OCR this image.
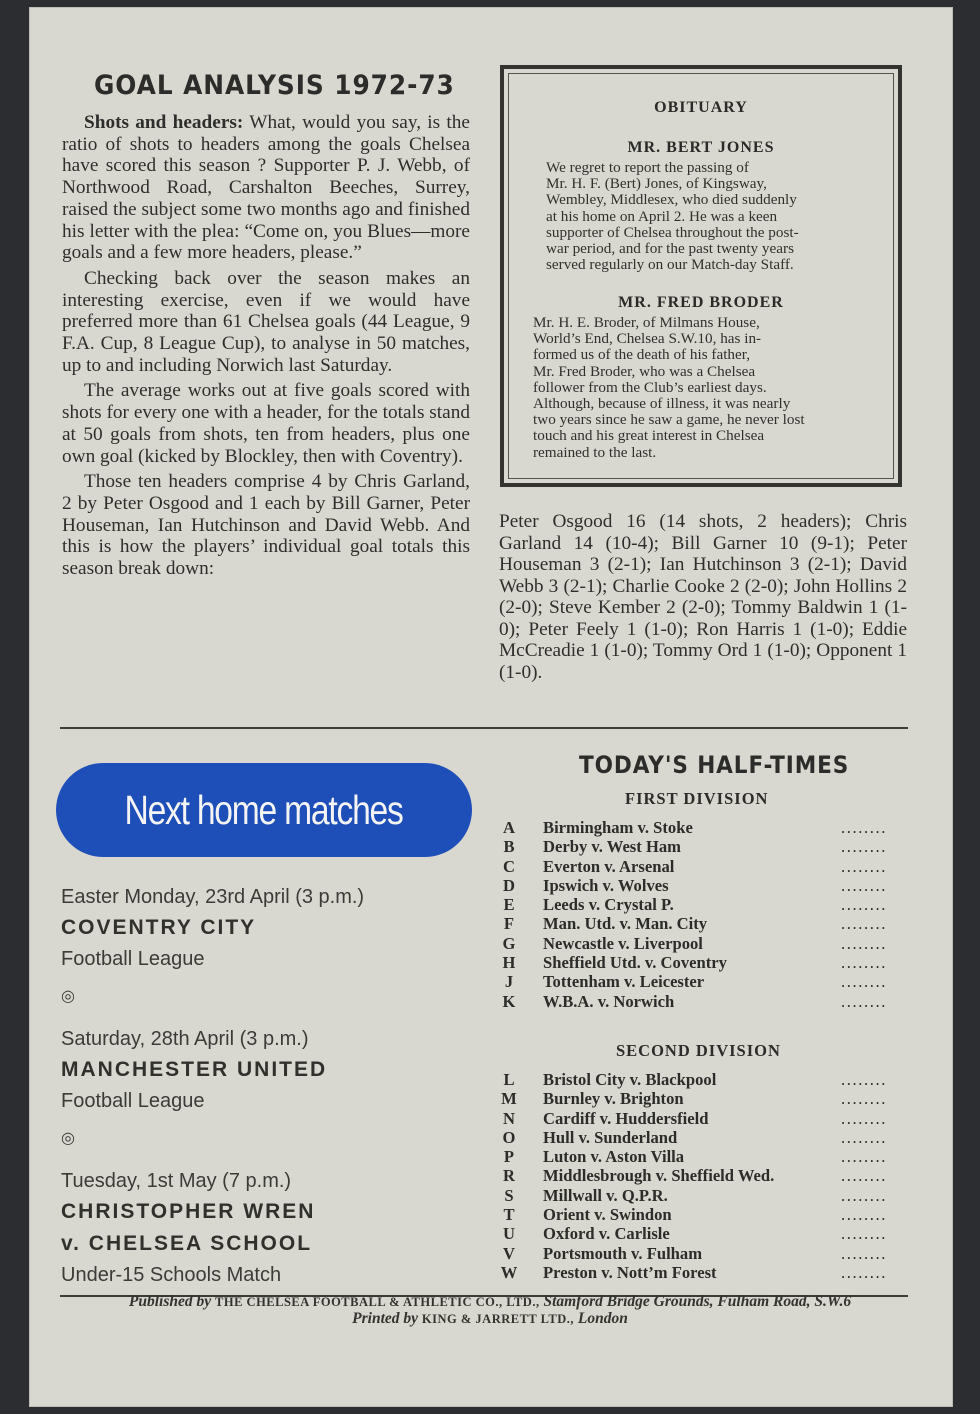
GOAL ANALYSIS 1972-73

Shots and headers: What, would you say, is the ratio of shots to headers among the goals Chelsea have scored this season ? Supporter P. J. Webb, of Northwood Road, Carshalton Beeches, Surrey, raised the subject some two months ago and finished his letter with the plea: “Come on, you Blues—more goals and a few more headers, please.”

Checking back over the season makes an interesting exercise, even if we would have preferred more than 61 Chelsea goals (44 League, 9 F.A. Cup, 8 League Cup), to analyse in 50 matches, up to and including Norwich last Saturday.

The average works out at five goals scored with shots for every one with a header, for the totals stand at 50 goals from shots, ten from headers, plus one own goal (kicked by Blockley, then with Coventry).

Those ten headers comprise 4 by Chris Garland, 2 by Peter Osgood and 1 each by Bill Garner, Peter Houseman, Ian Hutchinson and David Webb. And this is how the players’ individual goal totals this season break down:

OBITUARY
MR. BERT JONES
We regret to report the passing of
Mr. H. F. (Bert) Jones, of Kingsway,
Wembley, Middlesex, who died suddenly
at his home on April 2. He was a keen
supporter of Chelsea throughout the post-
war period, and for the past twenty years
served regularly on our Match-day Staff.
MR. FRED BRODER
Mr. H. E. Broder, of Milmans House,
World’s End, Chelsea S.W.10, has in-
formed us of the death of his father,
Mr. Fred Broder, who was a Chelsea
follower from the Club’s earliest days.
Although, because of illness, it was nearly
two years since he saw a game, he never lost
touch and his great interest in Chelsea
remained to the last.
Peter Osgood 16 (14 shots, 2 headers); Chris Garland 14 (10-4); Bill Garner 10 (9-1); Peter Houseman 3 (2-1); Ian Hutchinson 3 (2-1); David Webb 3 (2-1); Charlie Cooke 2 (2-0); John Hollins 2 (2-0); Steve Kember 2 (2-0); Tommy Baldwin 1 (1-0); Peter Feely 1 (1-0); Ron Harris 1 (1-0); Eddie McCreadie 1 (1-0); Tommy Ord 1 (1-0); Opponent 1 (1-0).
Next home matches
Easter Monday, 23rd April (3 p.m.)
COVENTRY CITY
Football League
◎
Saturday, 28th April (3 p.m.)
MANCHESTER UNITED
Football League
◎
Tuesday, 1st May (7 p.m.)
CHRISTOPHER WREN
v. CHELSEA SCHOOL
Under-15 Schools Match
TODAY'S HALF-TIMES
FIRST DIVISION
A Birmingham v. Stoke	........
B Derby v. West Ham	........
C Everton v. Arsenal	........
D Ipswich v. Wolves	........
E Leeds v. Crystal P.	........
F Man. Utd. v. Man. City	........
G Newcastle v. Liverpool	........
H Sheffield Utd. v. Coventry	........
J Tottenham v. Leicester	........
K W.B.A. v. Norwich	........
SECOND DIVISION
L Bristol City v. Blackpool	........
M Burnley v. Brighton	........
N Cardiff v. Huddersfield	........
O Hull v. Sunderland	........
P Luton v. Aston Villa	........
R Middlesbrough v. Sheffield Wed.	........
S Millwall v. Q.P.R.	........
T Orient v. Swindon	........
U Oxford v. Carlisle	........
V Portsmouth v. Fulham	........
W Preston v. Nott’m Forest	........
Published by THE CHELSEA FOOTBALL & ATHLETIC CO., LTD., Stamford Bridge Grounds, Fulham Road, S.W.6
Printed by KING & JARRETT LTD., London
